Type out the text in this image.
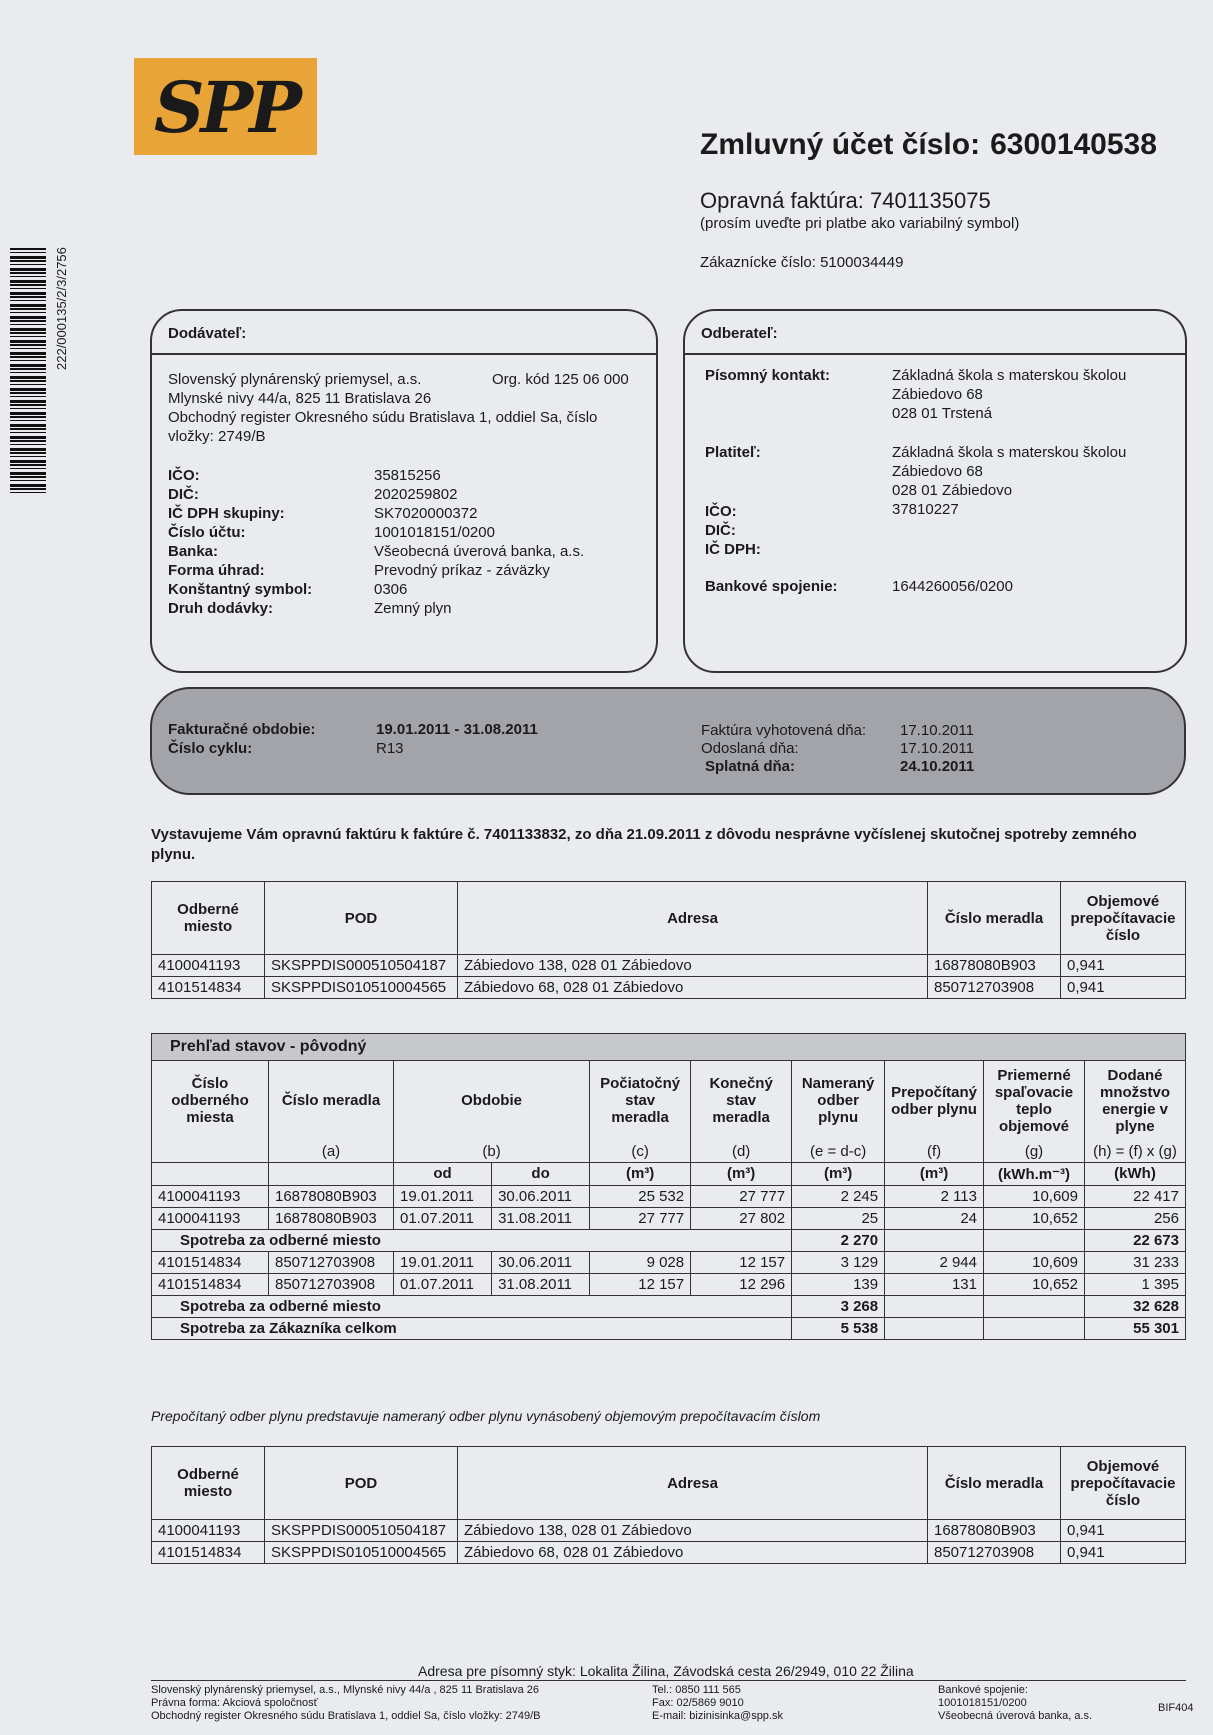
SPP
222/000135/2/3/2756
Zmluvný účet číslo: 6300140538
Opravná faktúra: 7401135075
(prosím uveďte pri platbe ako variabilný symbol)
Zákaznícke číslo: 5100034449
Dodávateľ:
Slovenský plynárenský priemysel, a.s.	Org. kód 125 06 000
Mlynské nivy 44/a, 825 11 Bratislava 26
Obchodný register Okresného súdu Bratislava 1, oddiel Sa, číslo
vložky: 2749/B
IČO:	35815256
DIČ:	2020259802
IČ DPH skupiny:	SK7020000372
Číslo účtu:	1001018151/0200
Banka:	Všeobecná úverová banka, a.s.
Forma úhrad:	Prevodný príkaz - záväzky
Konštantný symbol:	0306
Druh dodávky:	Zemný plyn
Odberateľ:
Písomný kontakt:	Základná škola s materskou školou
Zábiedovo 68
028 01 Trstená
Platiteľ:	Základná škola s materskou školou
Zábiedovo 68
028 01 Zábiedovo
IČO:	37810227
DIČ:
IČ DPH:
Bankové spojenie:	1644260056/0200
Fakturačné obdobie:	19.01.2011 - 31.08.2011
Číslo cyklu:	R13
Faktúra vyhotovená dňa: 17.10.2011
Odoslaná dňa:	17.10.2011
Splatná dňa:	24.10.2011
Vystavujeme Vám opravnú faktúru k faktúre č. 7401133832, zo dňa 21.09.2011 z dôvodu nesprávne vyčíslenej skutočnej spotreby zemného plynu.
Odberné miesto	POD	Adresa	Číslo meradla	Objemové prepočítavacie číslo
4100041193	SKSPPDIS000510504187	Zábiedovo 138, 028 01 Zábiedovo	16878080B903	0,941
4101514834	SKSPPDIS010510004565	Zábiedovo 68, 028 01 Zábiedovo	850712703908	0,941
Prehľad stavov - pôvodný									
Číslo odberného miesta	Číslo meradla	Obdobie		Počiatočný stav meradla	Konečný stav meradla	Nameraný odber plynu	Prepočítaný odber plynu	Priemerné spaľovacie teplo objemové	Dodané množstvo energie v plyne
	(a)	(b)		(c)	(d)	(e = d-c)	(f)	(g)	(h) = (f) x (g)
		od	do	(m³)	(m³)	(m³)	(m³)	(kWh.m⁻³)	(kWh)
4100041193	16878080B903	19.01.2011	30.06.2011	25 532	27 777	2 245	2 113	10,609	22 417
4100041193	16878080B903	01.07.2011	31.08.2011	27 777	27 802	25	24	10,652	256
Spotreba za odberné miesto						2 270			22 673
4101514834	850712703908	19.01.2011	30.06.2011	9 028	12 157	3 129	2 944	10,609	31 233
4101514834	850712703908	01.07.2011	31.08.2011	12 157	12 296	139	131	10,652	1 395
Spotreba za odberné miesto						3 268			32 628
Spotreba za Zákazníka celkom						5 538			55 301
Prepočítaný odber plynu predstavuje nameraný odber plynu vynásobený objemovým prepočítavacím číslom
Odberné miesto	POD	Adresa	Číslo meradla	Objemové prepočítavacie číslo
4100041193	SKSPPDIS000510504187	Zábiedovo 138, 028 01 Zábiedovo	16878080B903	0,941
4101514834	SKSPPDIS010510004565	Zábiedovo 68, 028 01 Zábiedovo	850712703908	0,941
Adresa pre písomný styk: Lokalita Žilina, Závodská cesta 26/2949, 010 22 Žilina
Slovenský plynárenský priemysel, a.s., Mlynské nivy 44/a , 825 11 Bratislava 26
Právna forma: Akciová spoločnosť
Obchodný register Okresného súdu Bratislava 1, oddiel Sa, číslo vložky: 2749/B
Tel.: 0850 111 565
Fax: 02/5869 9010
E-mail: bizinisinka@spp.sk
Bankové spojenie:
1001018151/0200
Všeobecná úverová banka, a.s.
BIF404
